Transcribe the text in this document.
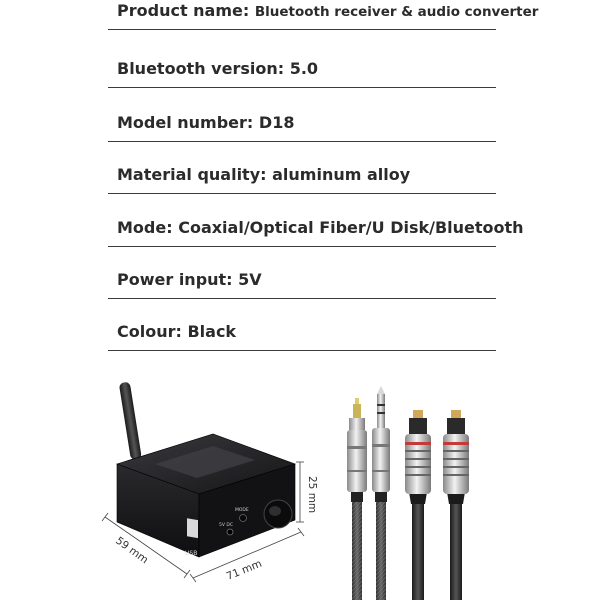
Product name: Bluetooth receiver & audio converter
Bluetooth version: 5.0
Model number: D18
Material quality: aluminum alloy
Mode: Coaxial/Optical Fiber/U Disk/Bluetooth
Power input: 5V
Colour: Black
USB
5V DC
MODE	25 mm
59 mm
71 mm
